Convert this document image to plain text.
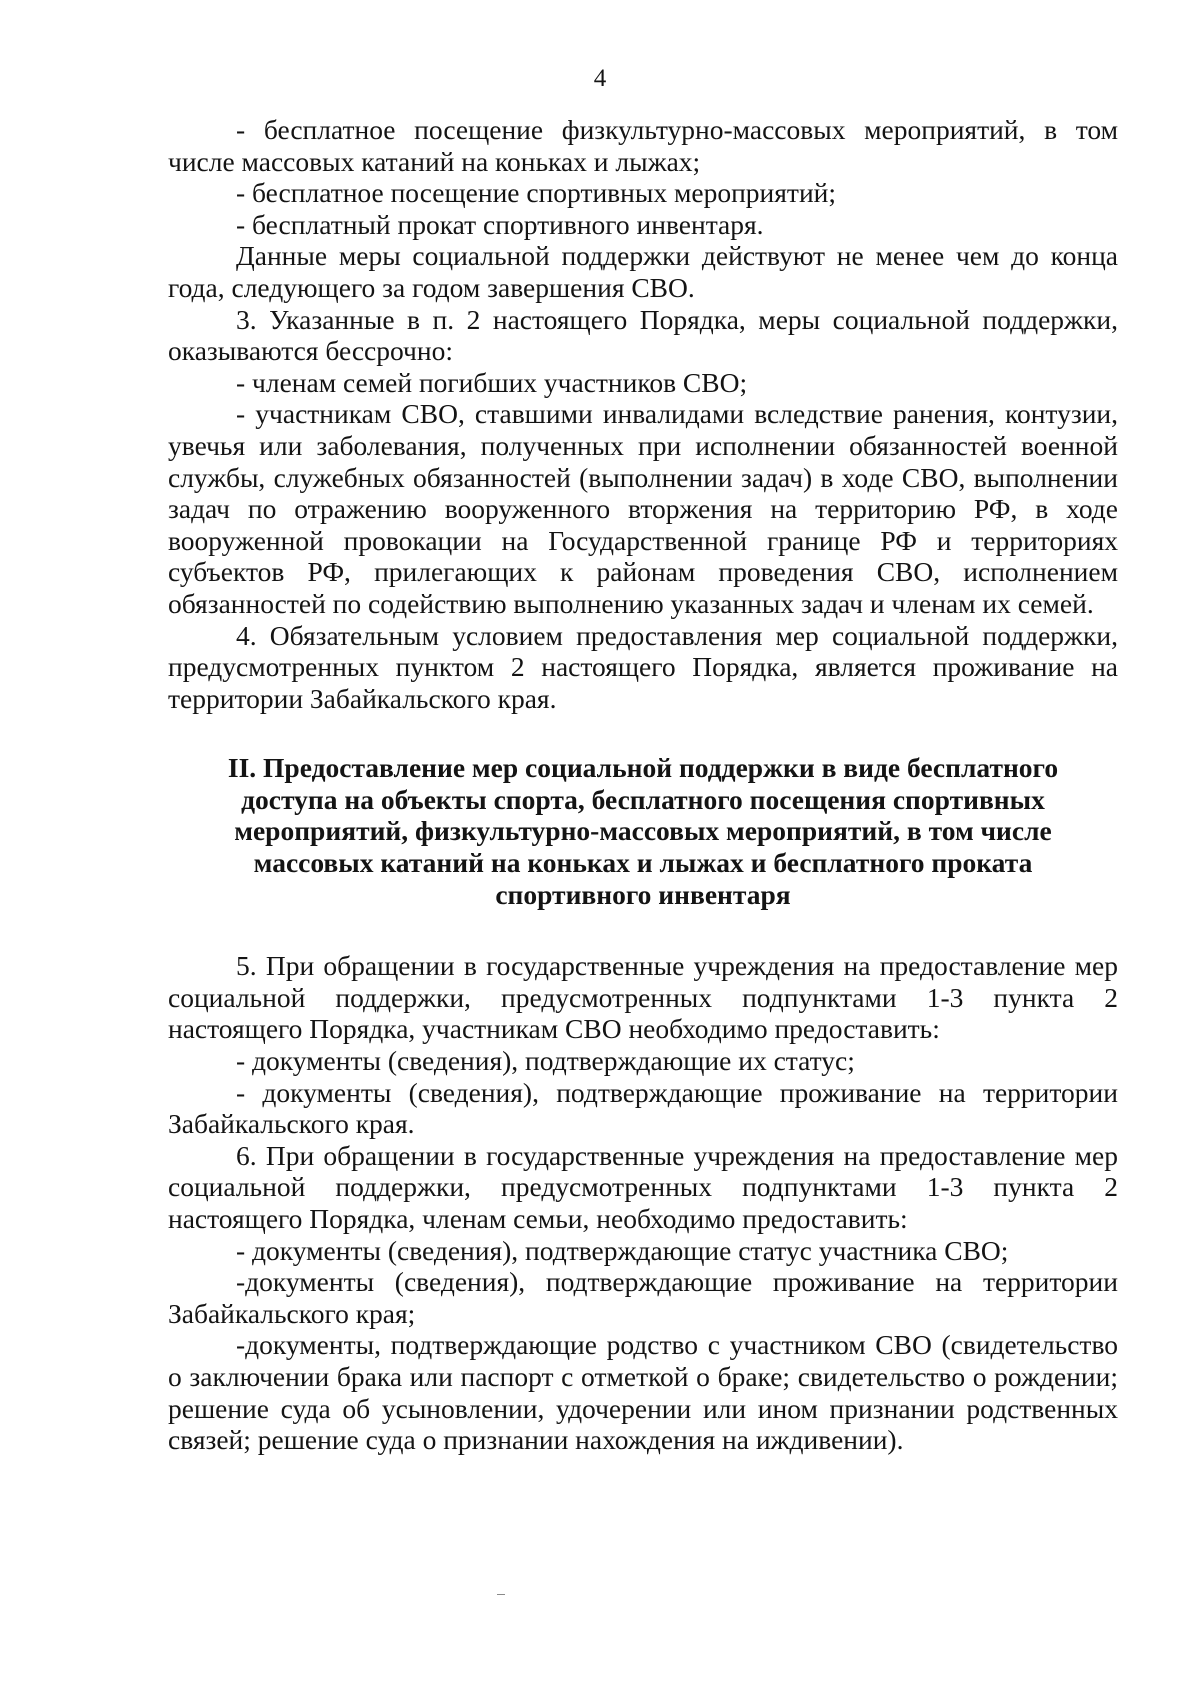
4

- бесплатное посещение физкультурно-массовых мероприятий, в том числе массовых катаний на коньках и лыжах;

- бесплатное посещение спортивных мероприятий;

- бесплатный прокат спортивного инвентаря.

Данные меры социальной поддержки действуют не менее чем до конца года, следующего за годом завершения СВО.

3. Указанные в п. 2 настоящего Порядка, меры социальной поддержки, оказываются бессрочно:

- членам семей погибших участников СВО;

- участникам СВО, ставшими инвалидами вследствие ранения, контузии, увечья или заболевания, полученных при исполнении обязанностей военной службы, служебных обязанностей (выполнении задач) в ходе СВО, выполнении задач по отражению вооруженного вторжения на территорию РФ, в ходе вооруженной провокации на Государственной границе РФ и территориях субъектов РФ, прилегающих к районам проведения СВО, исполнением обязанностей по содействию выполнению указанных задач и членам их семей.

4. Обязательным условием предоставления мер социальной поддержки, предусмотренных пунктом 2 настоящего Порядка, является проживание на территории Забайкальского края.

II. Предоставление мер социальной поддержки в виде бесплатного доступа на объекты спорта, бесплатного посещения спортивных мероприятий, физкультурно-массовых мероприятий, в том числе массовых катаний на коньках и лыжах и бесплатного проката спортивного инвентаря

5. При обращении в государственные учреждения на предоставление мер социальной поддержки, предусмотренных подпунктами 1-3 пункта 2 настоящего Порядка, участникам СВО необходимо предоставить:

- документы (сведения), подтверждающие их статус;

- документы (сведения), подтверждающие проживание на территории Забайкальского края.

6. При обращении в государственные учреждения на предоставление мер социальной поддержки, предусмотренных подпунктами 1-3 пункта 2 настоящего Порядка, членам семьи, необходимо предоставить:

- документы (сведения), подтверждающие статус участника СВО;

-документы (сведения), подтверждающие проживание на территории Забайкальского края;

-документы, подтверждающие родство с участником СВО (свидетельство о заключении брака или паспорт с отметкой о браке; свидетельство о рождении; решение суда об усыновлении, удочерении или ином признании родственных связей; решение суда о признании нахождения на иждивении).
